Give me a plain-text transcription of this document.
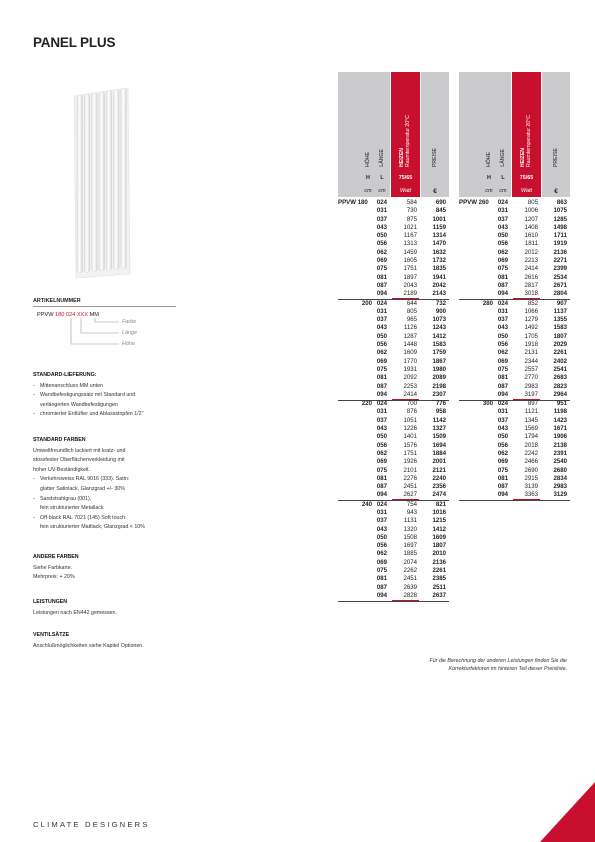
PANEL PLUS
ARTIKELNUMMER
PPVW 180 024 XXX MM
Farbe
Länge
Höhe
STANDARD-LIEFERUNG:
- Mittenanschluss MM unten
- Wandbefestigungssatz mit Standard und
verlängerten Wandbefestigungen
- chromierter Entlüfter und Ablassstopfen 1/2"
STANDARD FARBEN
Umweltfreundlich lackiert mit kratz- und
stossfester Oberflächenverkleidung mit
hoher UV-Beständigkeit.
- Verkehrsweiss RAL 9016 (333). Satin:
glatter Satinlack, Glanzgrad +/- 30%
- Sandstrahlgrau (001),
fein strukturierter Metallack
- Off-black RAL 7021 (145) Soft touch:
fein strukturierter Mattlack, Glanzgrad < 10%
ANDERE FARBEN
Siehe Farbkarte.
Mehrpreis: + 20%
LEISTUNGEN
Leistungen nach EN442 gemessen.
VENTILSÄTZE
Anschlußmöglichkeiten siehe Kapitel Optionen.
HÖHE LÄNGE
H	L
cm	cm
HEIZEN
Raumtemperatur 20°C
75/65
Watt
PREISE
€
PPVW 180 024	584	690
031	730	845
037	875	1001
043	1021	1159
050	1167	1314
056	1313	1470
062	1459	1632
069	1605	1732
075	1751	1835
081	1897	1941
087	2043	2042
094	2189	2143
200 024	644	732
031	805	900
037	965	1073
043	1126	1243
050	1287	1412
056	1448	1583
062	1609	1759
069	1770	1867
075	1931	1980
081	2092	2089
087	2253	2198
094	2414	2307
220 024	700	776
031	876	958
037	1051	1142
043	1226	1327
050	1401	1509
056	1576	1694
062	1751	1884
069	1926	2001
075	2101	2121
081	2276	2240
087	2451	2356
094	2627	2474
240 024	754	821
031	943	1016
037	1131	1215
043	1320	1412
050	1508	1609
056	1697	1807
062	1885	2010
069	2074	2136
075	2262	2261
081	2451	2385
087	2639	2511
094	2828	2637
HÖHE LÄNGE
H	L
cm	cm
HEIZEN
Raumtemperatur 20°C
75/65
Watt
PREISE
€
PPVW 260 024	805	863
031	1006	1075
037	1207	1285
043	1408	1498
050	1610	1711
056	1811	1919
062	2012	2136
069	2213	2271
075	2414	2399
081	2616	2534
087	2817	2671
094	3018	2804
280 024	852	907
031	1066	1137
037	1279	1355
043	1492	1583
050	1705	1807
056	1918	2029
062	2131	2261
069	2344	2402
075	2557	2541
081	2770	2683
087	2983	2823
094	3197	2964
300 024	897	951
031	1121	1198
037	1345	1423
043	1569	1671
050	1794	1906
056	2018	2138
062	2242	2391
069	2466	2540
075	2690	2680
081	2915	2834
087	3139	2983
094	3363	3129
Für die Berechnung der anderen Leistungen finden Sie die
Korrekturfaktoren im hinteren Teil dieser Preisliste.
CLIMATE DESIGNERS
